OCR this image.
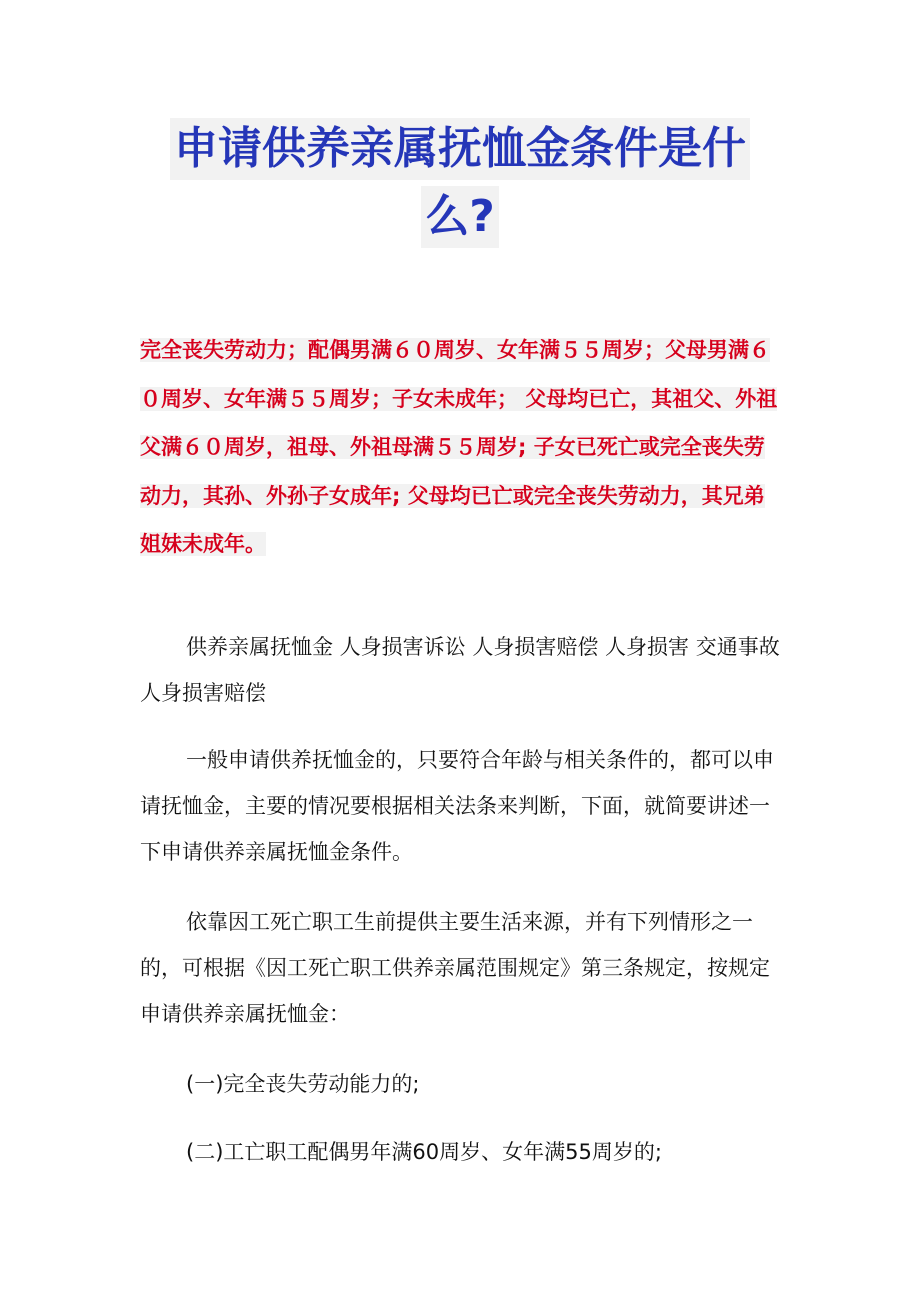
申请供养亲属抚恤金条件是什
么?

完全丧失劳动力；配偶男满６０周岁、女年满５５周岁；父母男满６０周岁、女年满５５周岁；子女未成年； 父母均已亡，其祖父、外祖父满６０周岁，祖母、外祖母满５５周岁; 子女已死亡或完全丧失劳动力，其孙、外孙子女成年; 父母均已亡或完全丧失劳动力，其兄弟姐妹未成年。

供养亲属抚恤金 人身损害诉讼 人身损害赔偿 人身损害 交通事故人身损害赔偿

一般申请供养抚恤金的，只要符合年龄与相关条件的，都可以申请抚恤金，主要的情况要根据相关法条来判断，下面，就简要讲述一下申请供养亲属抚恤金条件。

依靠因工死亡职工生前提供主要生活来源，并有下列情形之一的，可根据《因工死亡职工供养亲属范围规定》第三条规定，按规定申请供养亲属抚恤金：

(一)完全丧失劳动能力的;

(二)工亡职工配偶男年满60周岁、女年满55周岁的;
